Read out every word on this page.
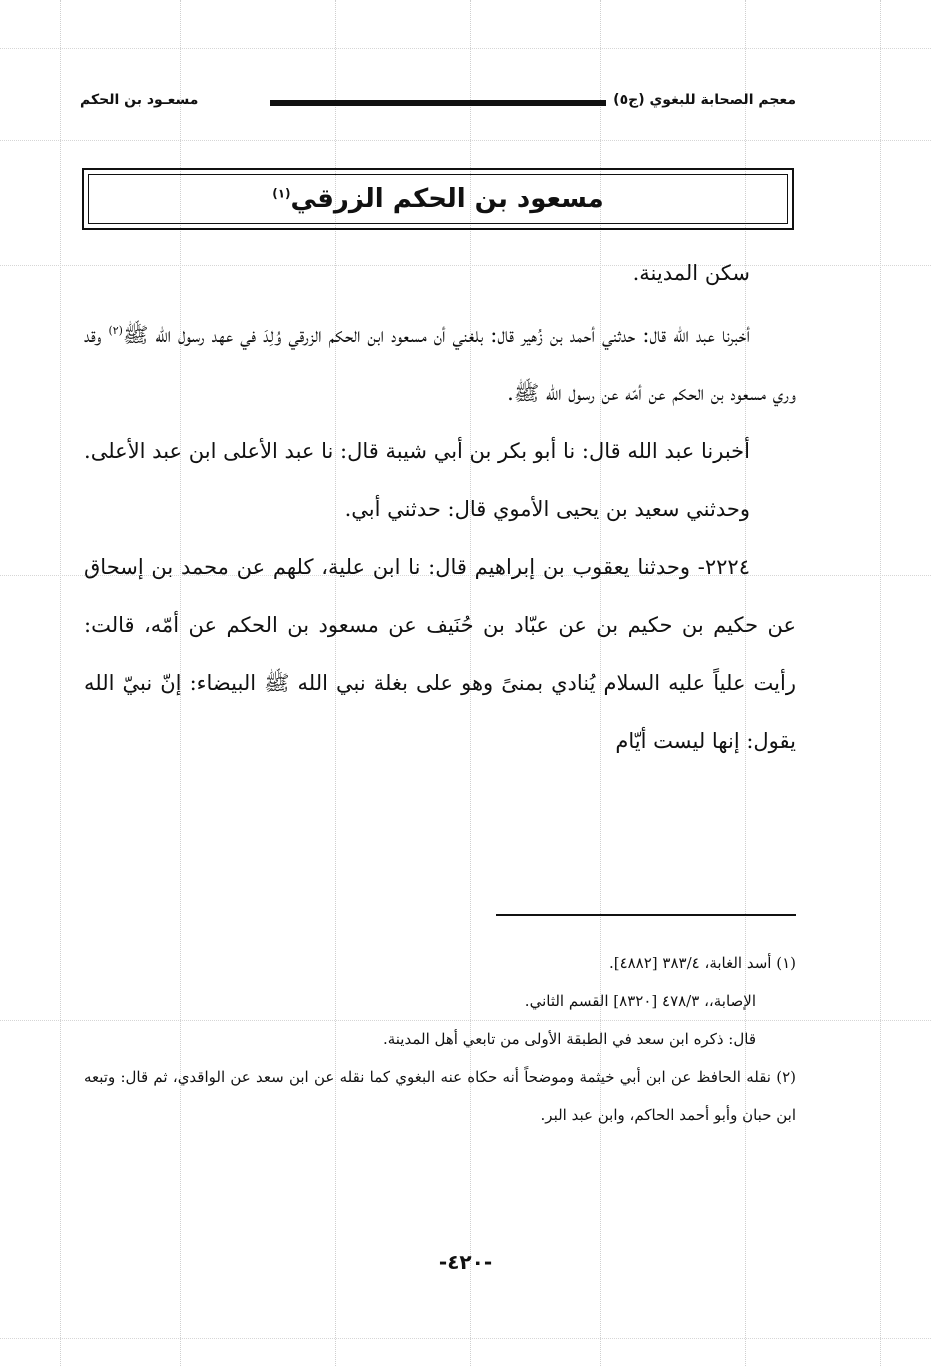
معجم الصحابة للبغوي (ج٥)
مسعـود بن الحكم
مسعود بن الحكم الزرقي$^{(١)}$

سكن المدينة.

أخبرنا عبد الله قال: حدثني أحمد بن زُهير قال: بلغني أن مسعود ابن الحكم الزرقي وُلِدَ في عهد رسول الله ﷺ$^{(٢)}$ وقد وري مسعود بن الحكم عن أمّه عن رسول الله ﷺ.

أخبرنا عبد الله قال: نا أبو بكر بن أبي شيبة قال: نا عبد الأعلى ابن عبد الأعلى.

وحدثني سعيد بن يحيى الأموي قال: حدثني أبي.

٢٢٢٤- وحدثنا يعقوب بن إبراهيم قال: نا ابن علية، كلهم عن محمد بن إسحاق عن حكيم بن حكيم بن عن عبّاد بن حُنَيف عن مسعود بن الحكم عن أمّه، قالت: رأيت علياً عليه السلام يُنادي بمنىً وهو على بغلة نبي الله ﷺ البيضاء: إنّ نبيّ الله يقول: إنها ليست أيّام

(١) أسد الغابة، ٣٨٣/٤ [٤٨٨٢].

الإصابة،، ٤٧٨/٣ [٨٣٢٠] القسم الثاني.

قال: ذكره ابن سعد في الطبقة الأولى من تابعي أهل المدينة.

(٢) نقله الحافظ عن ابن أبي خيثمة وموضحاً أنه حكاه عنه البغوي كما نقله عن ابن سعد عن الواقدي، ثم قال: وتبعه ابن حبان وأبو أحمد الحاكم، وابن عبد البر.

-٤٢٠-
